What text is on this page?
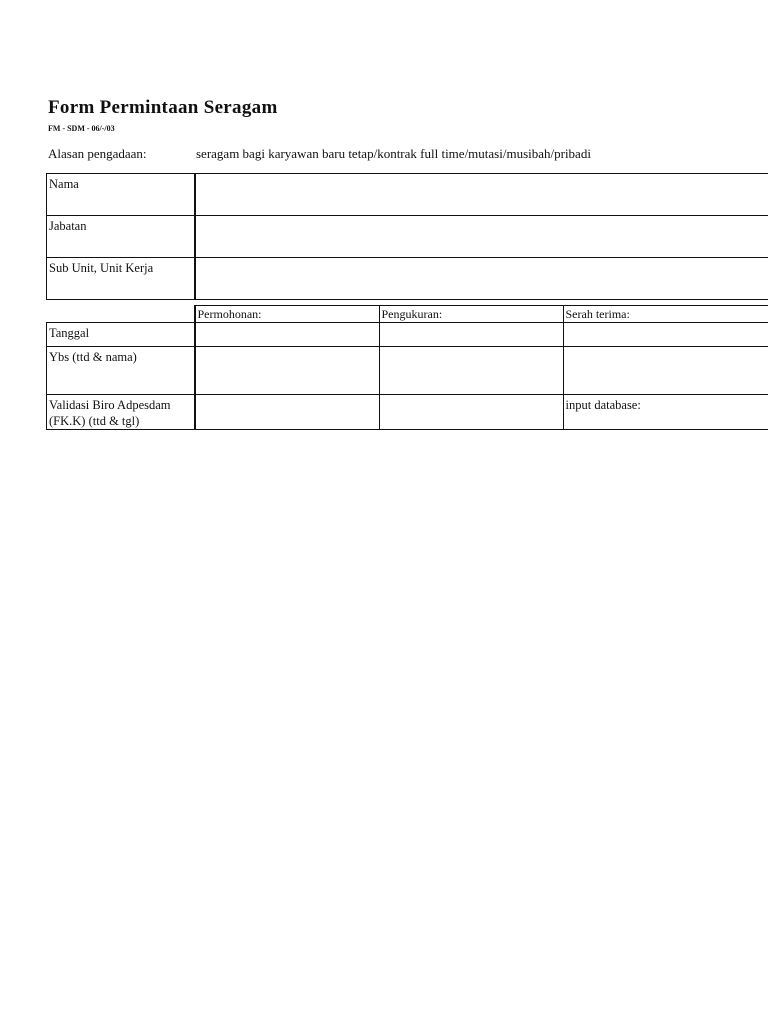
Form Permintaan Seragam
FM - SDM - 06/-/03
Alasan pengadaan:	seragam bagi karyawan baru tetap/kontrak full time/mutasi/musibah/pribadi
Nama	
Jabatan	
Sub Unit, Unit Kerja	
	Permohonan:	Pengukuran:	Serah terima:
Tanggal			
Ybs (ttd & nama)			
Validasi Biro Adpesdam (FK.K) (ttd & tgl)			input database:
